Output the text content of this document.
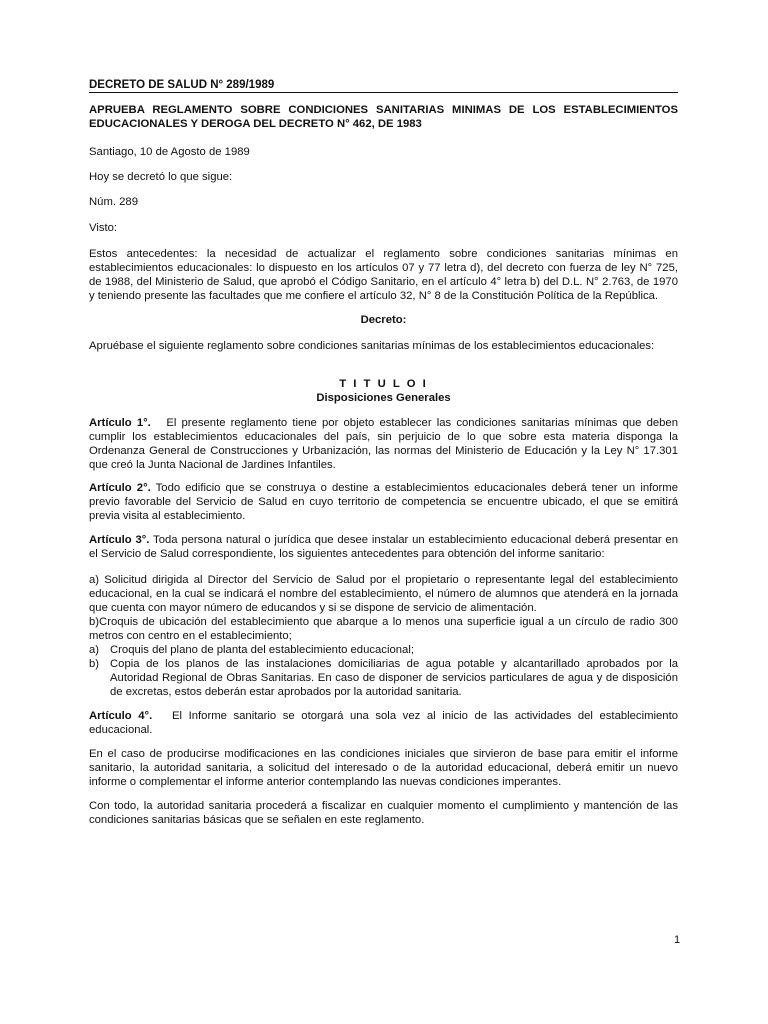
DECRETO DE SALUD N° 289/1989
APRUEBA REGLAMENTO SOBRE CONDICIONES SANITARIAS MINIMAS DE LOS ESTABLECIMIENTOS
EDUCACIONALES Y DEROGA DEL DECRETO N° 462, DE 1983
Santiago, 10 de Agosto de 1989
Hoy se decretó lo que sigue:
Núm. 289
Visto:
Estos antecedentes: la necesidad de actualizar el reglamento sobre condiciones sanitarias mínimas en
establecimientos educacionales: lo dispuesto en los artículos 07 y 77 letra d), del decreto con fuerza de ley N° 725,
de 1988, del Ministerio de Salud, que aprobó el Código Sanitario, en el artículo 4° letra b) del D.L. N° 2.763, de 1970
y teniendo presente las facultades que me confiere el artículo 32, N° 8 de la Constitución Política de la República.
Decreto:
Apruébase el siguiente reglamento sobre condiciones sanitarias mínimas de los establecimientos educacionales:
T I T U L O I
Disposiciones Generales
Artículo 1°. El presente reglamento tiene por objeto establecer las condiciones sanitarias mínimas que deben
cumplir los establecimientos educacionales del país, sin perjuicio de lo que sobre esta materia disponga la
Ordenanza General de Construcciones y Urbanización, las normas del Ministerio de Educación y la Ley N° 17.301
que creó la Junta Nacional de Jardines Infantiles.
Artículo 2°. Todo edificio que se construya o destine a establecimientos educacionales deberá tener un informe
previo favorable del Servicio de Salud en cuyo territorio de competencia se encuentre ubicado, el que se emitirá
previa visita al establecimiento.
Artículo 3°. Toda persona natural o jurídica que desee instalar un establecimiento educacional deberá presentar en
el Servicio de Salud correspondiente, los siguientes antecedentes para obtención del informe sanitario:
a) Solicitud dirigida al Director del Servicio de Salud por el propietario o representante legal del establecimiento
educacional, en la cual se indicará el nombre del establecimiento, el número de alumnos que atenderá en la jornada
que cuenta con mayor número de educandos y si se dispone de servicio de alimentación.
b)Croquis de ubicación del establecimiento que abarque a lo menos una superficie igual a un círculo de radio 300
metros con centro en el establecimiento;
a) Croquis del plano de planta del establecimiento educacional;
b) Copia de los planos de las instalaciones domiciliarias de agua potable y alcantarillado aprobados por la
Autoridad Regional de Obras Sanitarias. En caso de disponer de servicios particulares de agua y de disposición
de excretas, estos deberán estar aprobados por la autoridad sanitaria.
Artículo 4°. El Informe sanitario se otorgará una sola vez al inicio de las actividades del establecimiento
educacional.
En el caso de producirse modificaciones en las condiciones iniciales que sirvieron de base para emitir el informe
sanitario, la autoridad sanitaria, a solicitud del interesado o de la autoridad educacional, deberá emitir un nuevo
informe o complementar el informe anterior contemplando las nuevas condiciones imperantes.
Con todo, la autoridad sanitaria procederá a fiscalizar en cualquier momento el cumplimiento y mantención de las
condiciones sanitarias básicas que se señalen en este reglamento.
1
